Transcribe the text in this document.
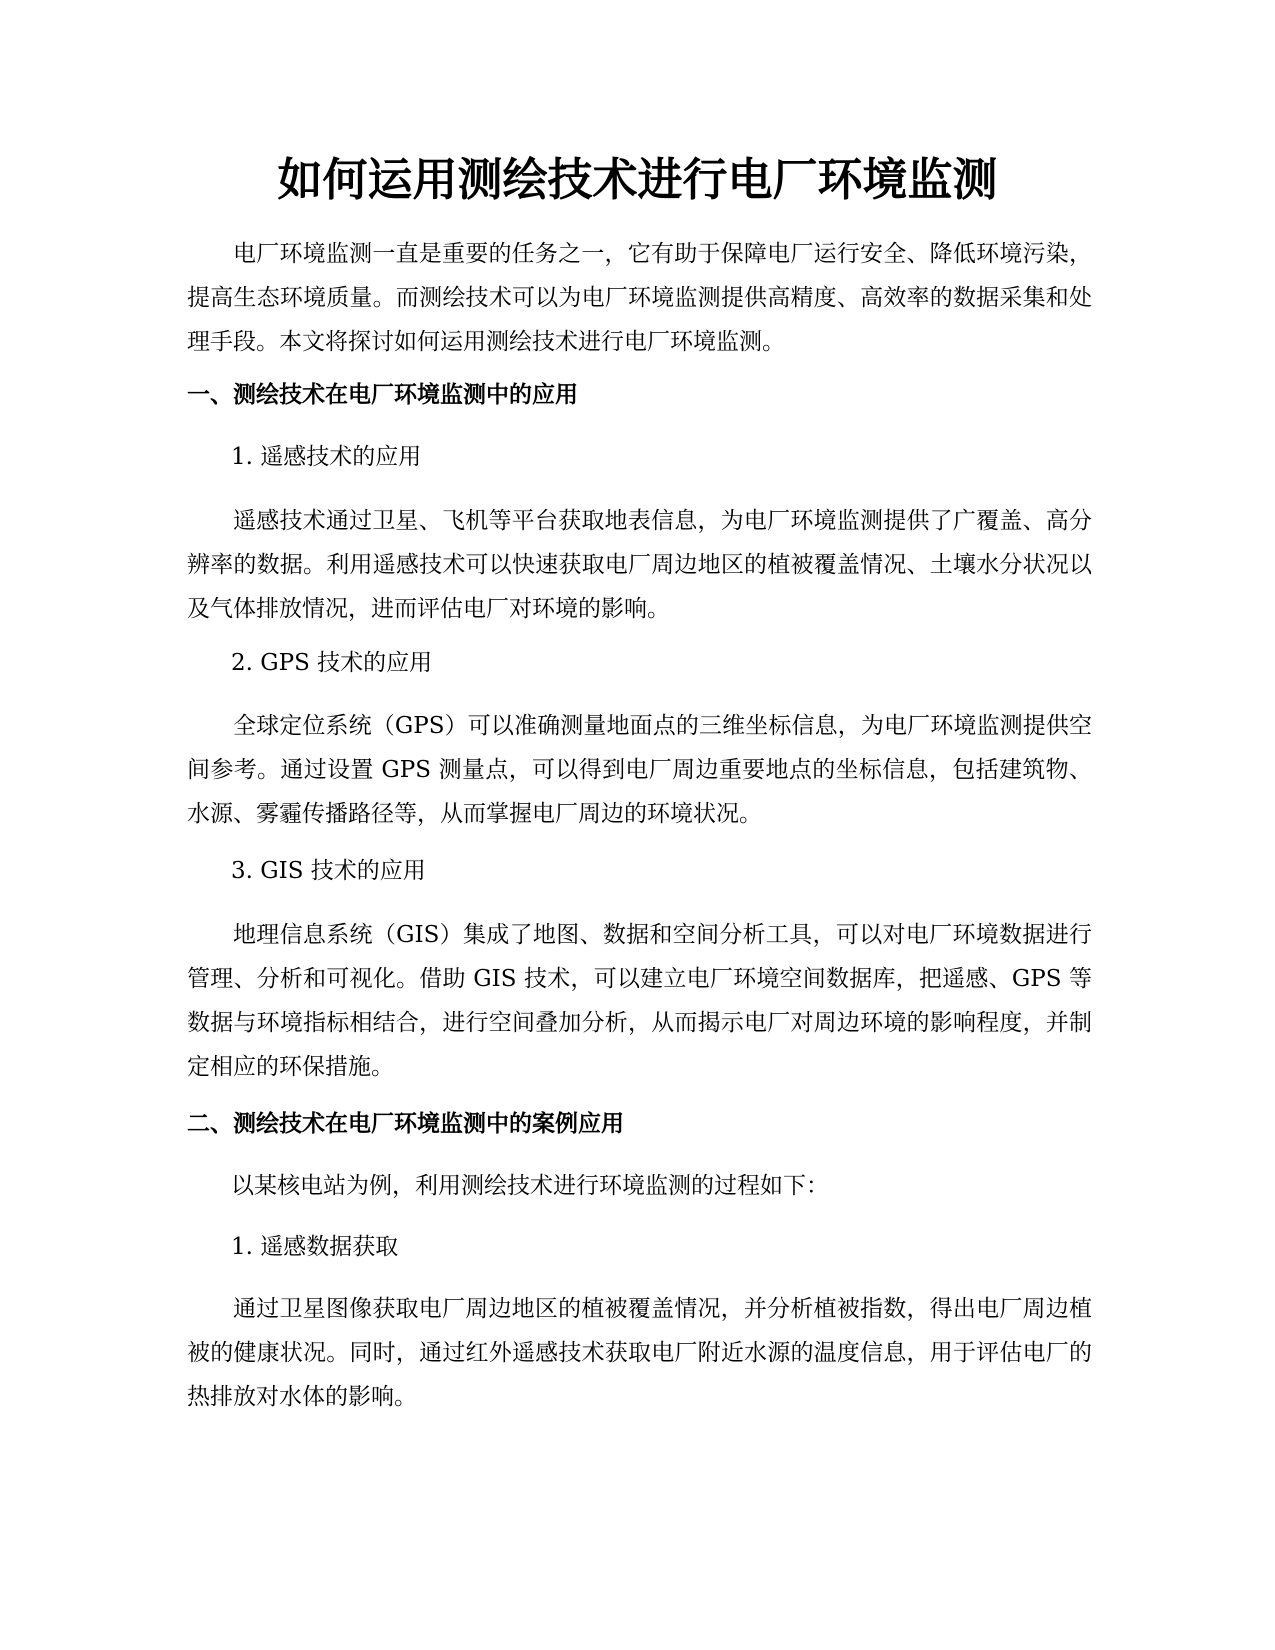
如何运用测绘技术进行电厂环境监测

电厂环境监测一直是重要的任务之一，它有助于保障电厂运行安全、降低环境污染，提高生态环境质量。而测绘技术可以为电厂环境监测提供高精度、高效率的数据采集和处理手段。本文将探讨如何运用测绘技术进行电厂环境监测。

一、测绘技术在电厂环境监测中的应用

1. 遥感技术的应用

遥感技术通过卫星、飞机等平台获取地表信息，为电厂环境监测提供了广覆盖、高分辨率的数据。利用遥感技术可以快速获取电厂周边地区的植被覆盖情况、土壤水分状况以及气体排放情况，进而评估电厂对环境的影响。

2. GPS 技术的应用

全球定位系统（GPS）可以准确测量地面点的三维坐标信息，为电厂环境监测提供空间参考。通过设置 GPS 测量点，可以得到电厂周边重要地点的坐标信息，包括建筑物、水源、雾霾传播路径等，从而掌握电厂周边的环境状况。

3. GIS 技术的应用

地理信息系统（GIS）集成了地图、数据和空间分析工具，可以对电厂环境数据进行管理、分析和可视化。借助 GIS 技术，可以建立电厂环境空间数据库，把遥感、GPS 等数据与环境指标相结合，进行空间叠加分析，从而揭示电厂对周边环境的影响程度，并制定相应的环保措施。

二、测绘技术在电厂环境监测中的案例应用

以某核电站为例，利用测绘技术进行环境监测的过程如下：

1. 遥感数据获取

通过卫星图像获取电厂周边地区的植被覆盖情况，并分析植被指数，得出电厂周边植被的健康状况。同时，通过红外遥感技术获取电厂附近水源的温度信息，用于评估电厂的热排放对水体的影响。
